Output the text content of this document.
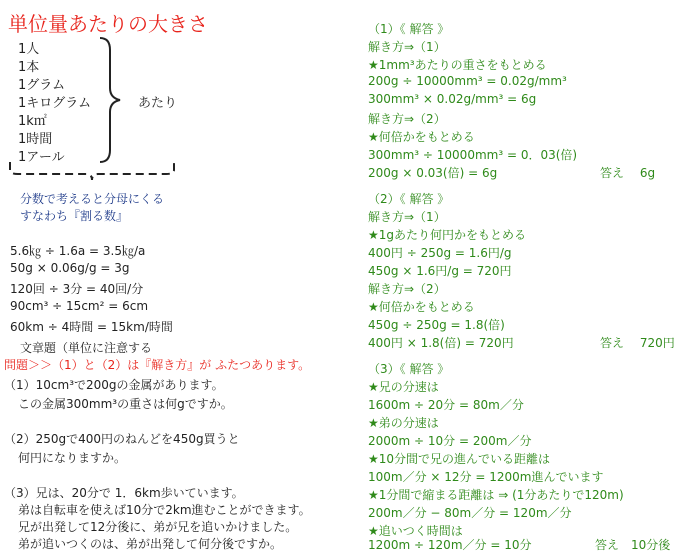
単位量あたりの大きさ
1人
1本
1グラム
1キログラム
1k㎡
1時間
1アール
あたり
分数で考えると分母にくる
すなわち『割る数』
5.6㎏ ÷ 1.6a = 3.5㎏/a
50g × 0.06g/g = 3g
120回 ÷ 3分 = 40回/分
90cm³ ÷ 15cm² = 6cm
60km ÷ 4時間 = 15km/時間
文章題（単位に注意する
問題＞＞（1）と（2）は『解き方』が ふたつあります。
（1）10cm³で200gの金属があります。
この金属300mm³の重さは何gですか。
（2）250gで400円のねんどを450g買うと
何円になりますか。
（3）兄は、20分で 1．6km歩いています。
弟は自転車を使えば10分で2km進むことができます。
兄が出発して12分後に、弟が兄を追いかけました。
弟が追いつくのは、弟が出発して何分後ですか。
（1）《 解答 》
解き方⇒（1）
★1mm³あたりの重さをもとめる
200g ÷ 10000mm³ = 0.02g/mm³
300mm³ × 0.02g/mm³ = 6g
解き方⇒（2）
★何倍かをもとめる
300mm³ ÷ 10000mm³ = 0．03(倍)
200g × 0.03(倍) = 6g	答え　 6g
（2）《 解答 》
解き方⇒（1）
★1gあたり何円かをもとめる
400円 ÷ 250g = 1.6円/g
450g × 1.6円/g = 720円
解き方⇒（2）
★何倍かをもとめる
450g ÷ 250g = 1.8(倍)
400円 × 1.8(倍) = 720円	答え　 720円
（3）《 解答 》
★兄の分速は
1600m ÷ 20分 = 80m／分
★弟の分速は
2000m ÷ 10分 = 200m／分
★10分間で兄の進んでいる距離は
100m／分 × 12分 = 1200m進んでいます
★1分間で縮まる距離は ⇒ (1分あたりで120m)
200m／分 − 80m／分 = 120m／分
★追いつく時間は
1200m ÷ 120m／分 = 10分	答え　10分後
